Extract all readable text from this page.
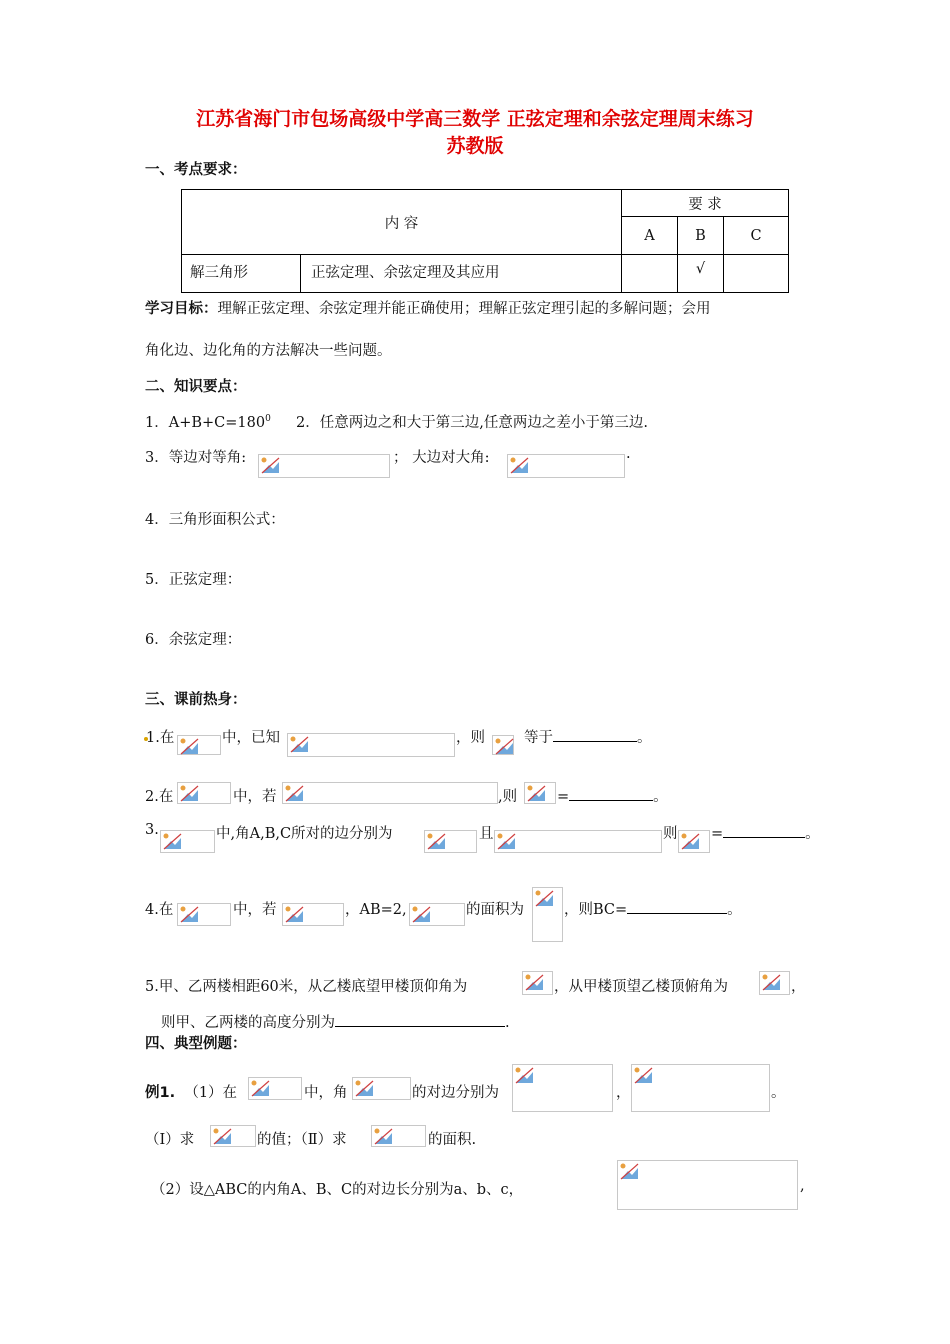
江苏省海门市包场高级中学高三数学 正弦定理和余弦定理周末练习
苏教版
一、考点要求：
内 容		要 求		
		A	B	C
解三角形	正弦定理、余弦定理及其应用		√	
学习目标：理解正弦定理、余弦定理并能正确使用；理解正弦定理引起的多解问题；会用
角化边、边化角的方法解决一些问题。
二、知识要点：
1．$A+B+C=180^0$ 2．任意两边之和大于第三边,任意两边之差小于第三边.
3．等边对等角:	； 大边对大角:	.
4．三角形面积公式：
5．正弦定理：
6．余弦定理：
三、课前热身：
1.在	中，已知	，则	等于	。
2.在	中，若	,则	=	。
3.	中,角A,B,C所对的边分别为	且	则 =	。
4.在	中，若	，AB=2,	的面积为	，则BC=	。
5.甲、乙两楼相距60米，从乙楼底望甲楼顶仰角为	，从甲楼顶望乙楼顶俯角为	，
则甲、乙两楼的高度分别为	.
四、典型例题：
例1. （1）在	中，角	的对边分别为	，	。
（Ⅰ）求	的值；（Ⅱ）求	的面积.
（2）设△ABC的内角A、B、C的对边长分别为a、b、c，	,
